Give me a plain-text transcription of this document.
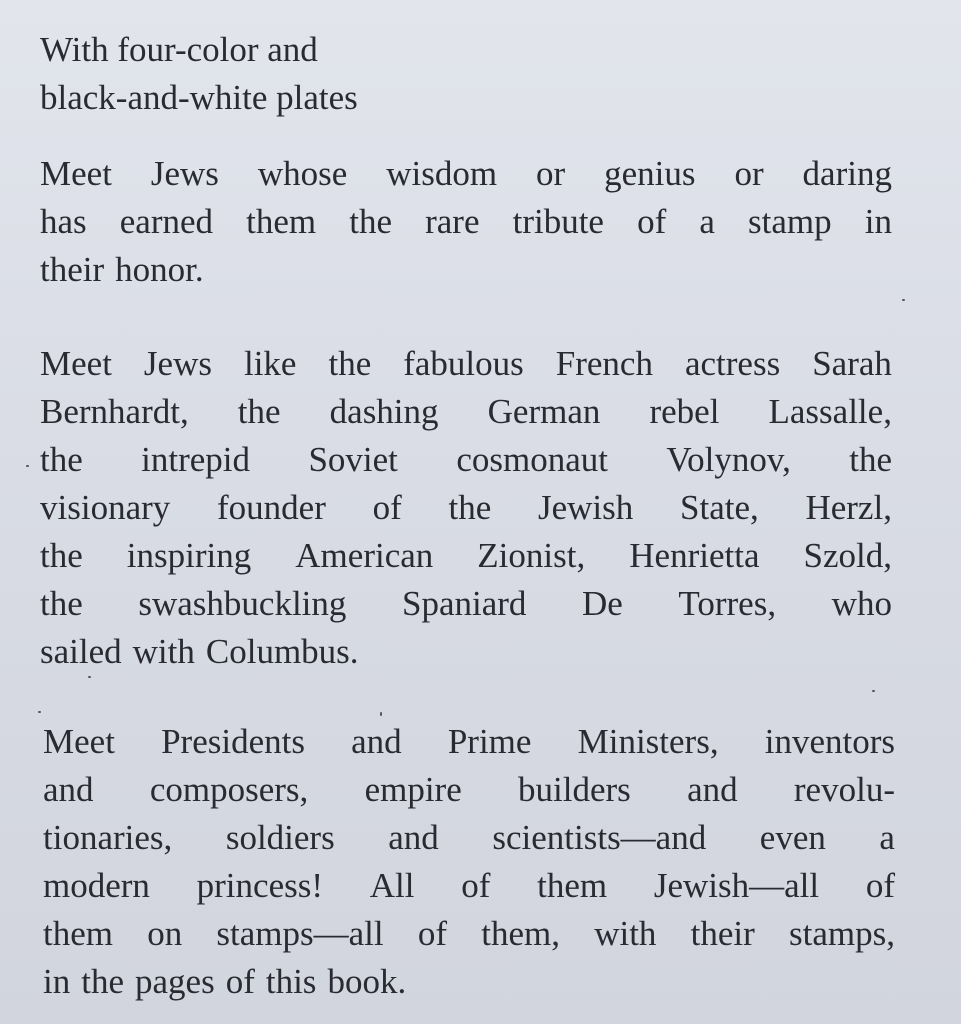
With four-color and
black-and-white plates
Meet Jews whose wisdom or genius or daring
has earned them the rare tribute of a stamp in
their honor.
Meet Jews like the fabulous French actress Sarah
Bernhardt, the dashing German rebel Lassalle,
the intrepid Soviet cosmonaut Volynov, the
visionary founder of the Jewish State, Herzl,
the inspiring American Zionist, Henrietta Szold,
the swashbuckling Spaniard De Torres, who
sailed with Columbus.
Meet Presidents and Prime Ministers, inventors
and composers, empire builders and revolu-
tionaries, soldiers and scientists—and even a
modern princess! All of them Jewish—all of
them on stamps—all of them, with their stamps,
in the pages of this book.
